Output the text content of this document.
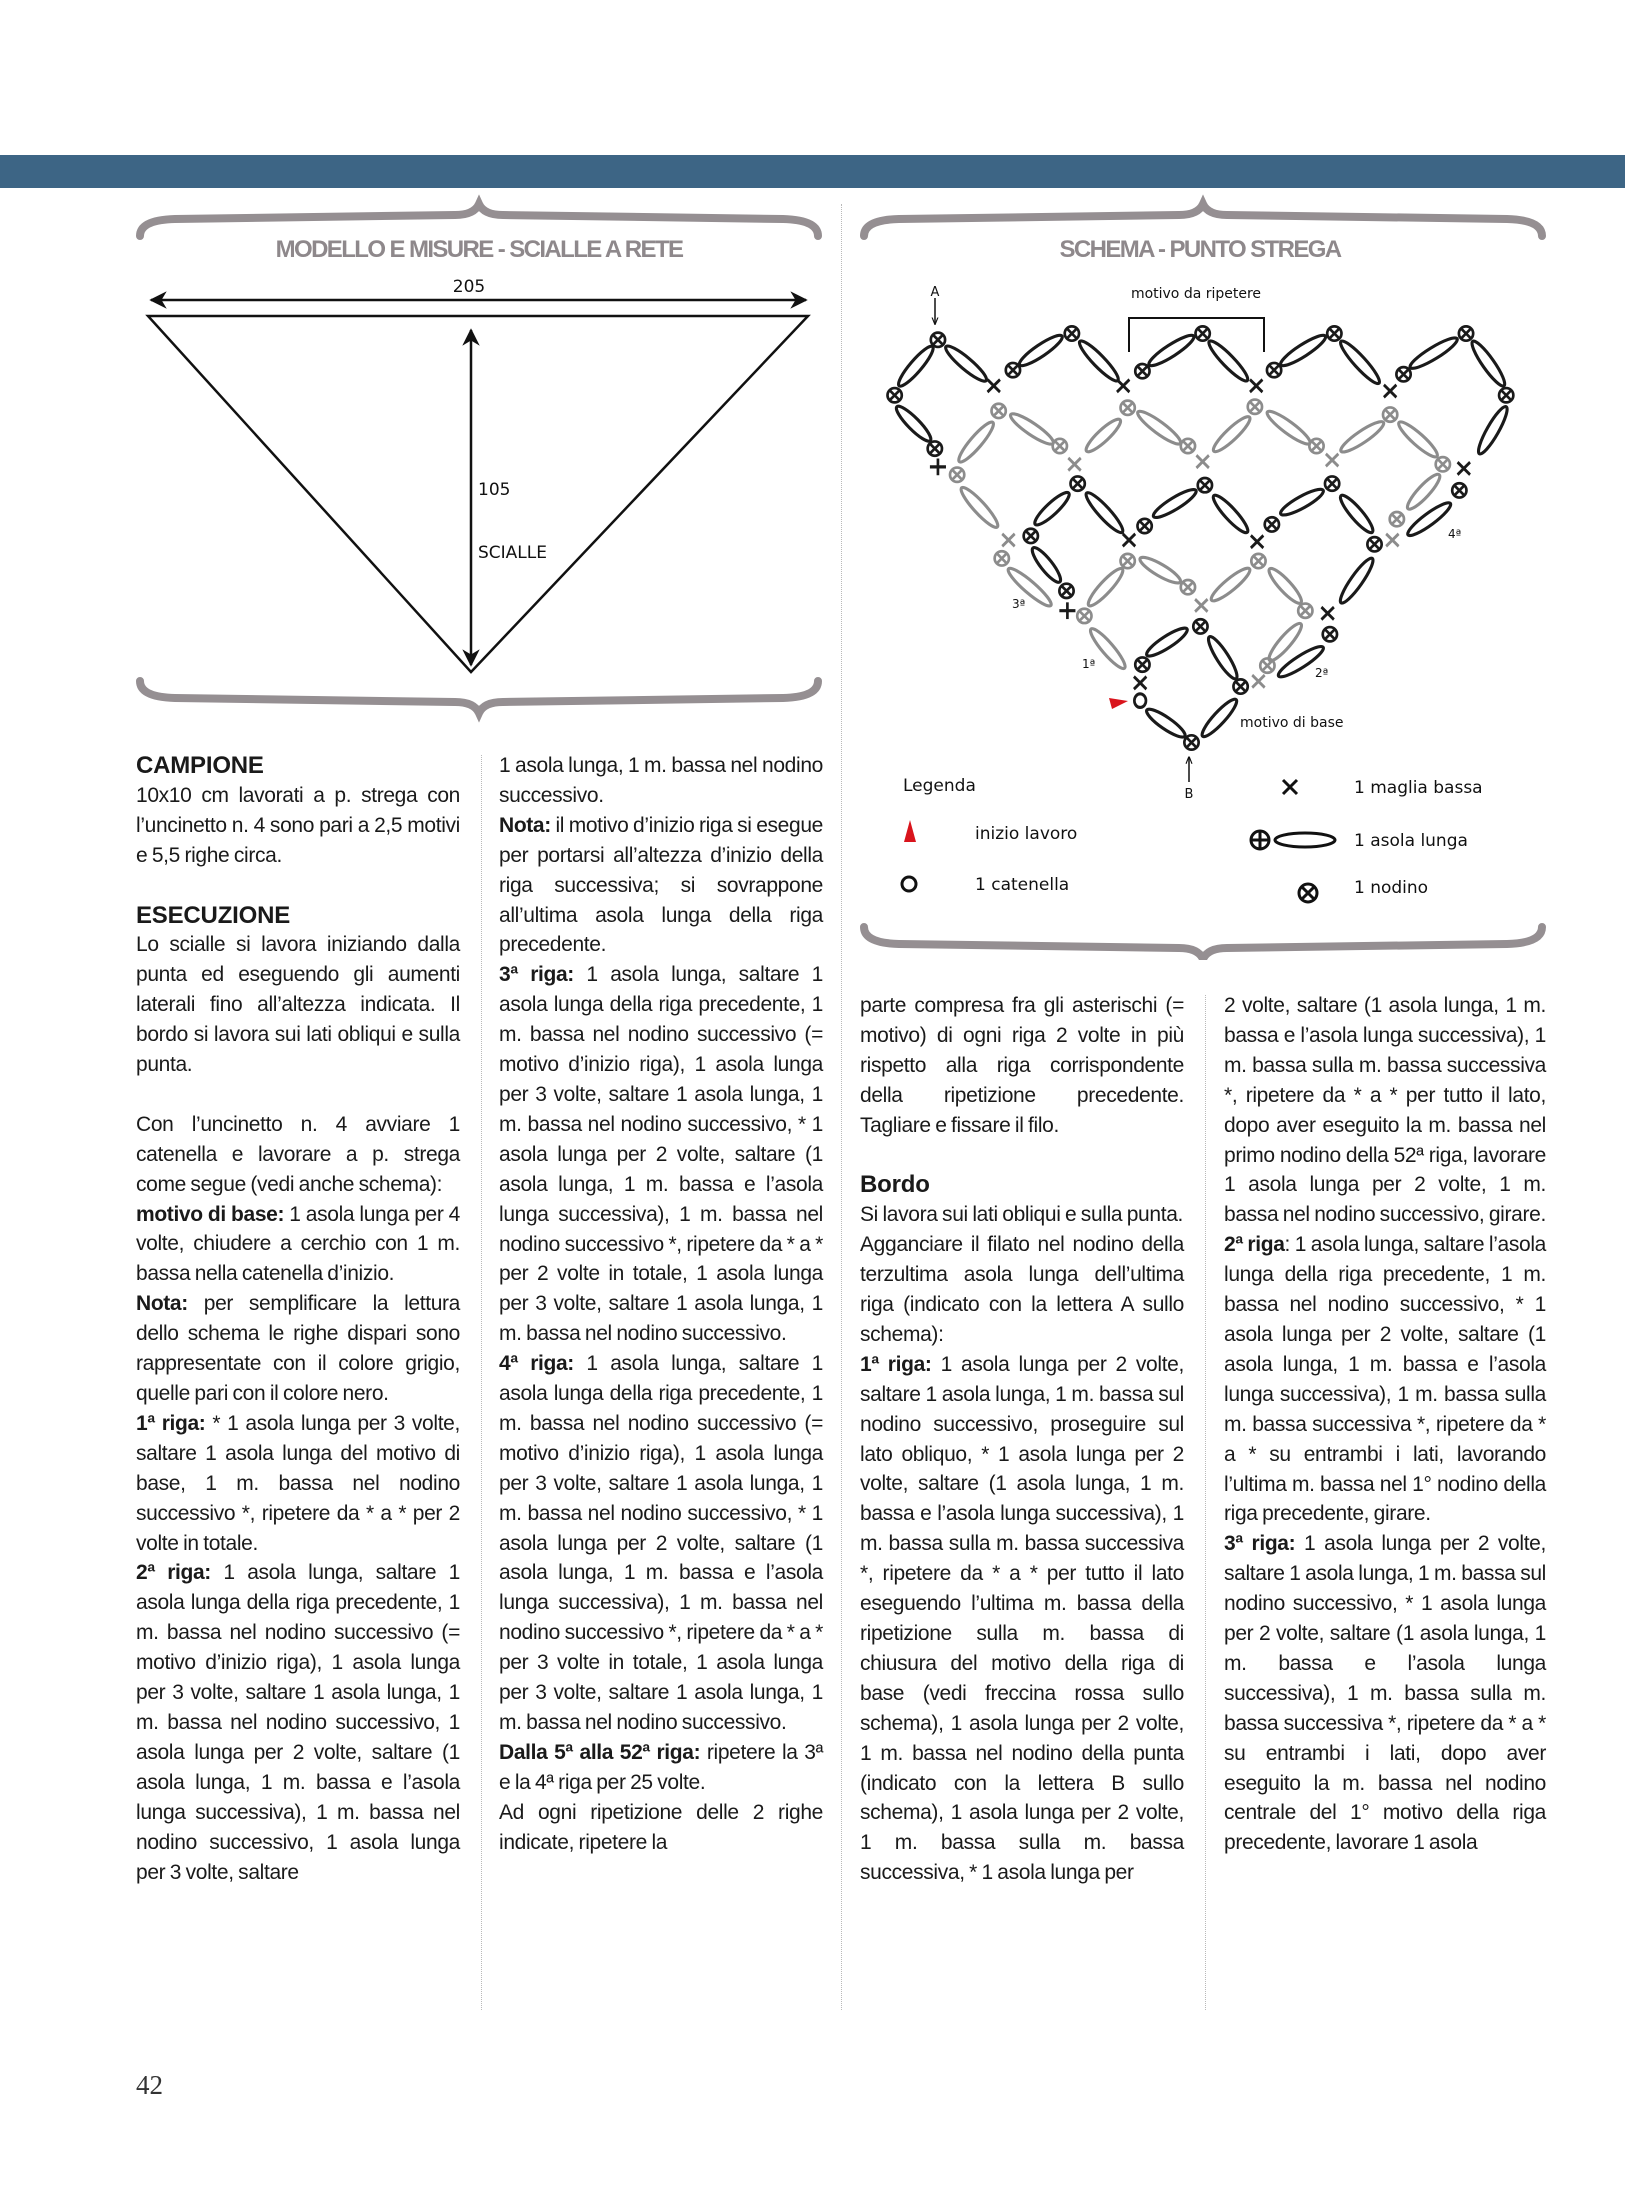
MODELLO E MISURE - SCIALLE A RETE
205
105
SCIALLE
SCHEMA - PUNTO STREGA
A	motivo da ripetere
4ª
3ª
1ª
2ª
motivo di base
B
Legenda
inizio lavoro
1 catenella
1 maglia bassa
1 asola lunga
1 nodino
CAMPIONE

10x10 cm lavorati a p. strega con l’uncinetto n. 4 sono pari a 2,5 motivi e 5,5 righe circa.

ESECUZIONE

Lo scialle si lavora iniziando dalla punta ed eseguendo gli aumenti laterali fino all’altezza indicata. Il bordo si lavora sui lati obliqui e sulla punta.

Con l’uncinetto n. 4 avviare 1 catenella e lavorare a p. strega come segue (vedi anche schema):

motivo di base: 1 asola lunga per 4 volte, chiudere a cerchio con 1 m. bassa nella catenella d’inizio.

Nota: per semplificare la lettura dello schema le righe dispari sono rappresentate con il colore grigio, quelle pari con il colore nero.

1ª riga: * 1 asola lunga per 3 volte, saltare 1 asola lunga del motivo di base, 1 m. bassa nel nodino successivo *, ripetere da * a * per 2 volte in totale.

2ª riga: 1 asola lunga, saltare 1 asola lunga della riga precedente, 1 m. bassa nel nodino successivo (= motivo d’inizio riga), 1 asola lunga per 3 volte, saltare 1 asola lunga, 1 m. bassa nel nodino successivo, 1 asola lunga per 2 volte, saltare (1 asola lunga, 1 m. bassa e l’asola lunga successiva), 1 m. bassa nel nodino successivo, 1 asola lunga per 3 volte, saltare

1 asola lunga, 1 m. bassa nel nodino successivo.

Nota: il motivo d’inizio riga si esegue per portarsi all’altezza d’inizio della riga successiva; si sovrappone all’ultima asola lunga della riga precedente.

3ª riga: 1 asola lunga, saltare 1 asola lunga della riga precedente, 1 m. bassa nel nodino successivo (= motivo d’inizio riga), 1 asola lunga per 3 volte, saltare 1 asola lunga, 1 m. bassa nel nodino successivo, * 1 asola lunga per 2 volte, saltare (1 asola lunga, 1 m. bassa e l’asola lunga successiva), 1 m. bassa nel nodino successivo *, ripetere da * a * per 2 volte in totale, 1 asola lunga per 3 volte, saltare 1 asola lunga, 1 m. bassa nel nodino successivo.

4ª riga: 1 asola lunga, saltare 1 asola lunga della riga precedente, 1 m. bassa nel nodino successivo (= motivo d’inizio riga), 1 asola lunga per 3 volte, saltare 1 asola lunga, 1 m. bassa nel nodino successivo, * 1 asola lunga per 2 volte, saltare (1 asola lunga, 1 m. bassa e l’asola lunga successiva), 1 m. bassa nel nodino successivo *, ripetere da * a * per 3 volte in totale, 1 asola lunga per 3 volte, saltare 1 asola lunga, 1 m. bassa nel nodino successivo.

Dalla 5ª alla 52ª riga: ripetere la 3ª e la 4ª riga per 25 volte.

Ad ogni ripetizione delle 2 righe indicate, ripetere la

parte compresa fra gli asterischi (= motivo) di ogni riga 2 volte in più rispetto alla riga corrispondente della ripetizione precedente. Tagliare e fissare il filo.

Bordo

Si lavora sui lati obliqui e sulla punta.

Agganciare il filato nel nodino della terzultima asola lunga dell’ultima riga (indicato con la lettera A sullo schema):

1ª riga: 1 asola lunga per 2 volte, saltare 1 asola lunga, 1 m. bassa sul nodino successivo, proseguire sul lato obliquo, * 1 asola lunga per 2 volte, saltare (1 asola lunga, 1 m. bassa e l’asola lunga successiva), 1 m. bassa sulla m. bassa successiva *, ripetere da * a * per tutto il lato eseguendo l’ultima m. bassa della ripetizione sulla m. bassa di chiusura del motivo della riga di base (vedi freccina rossa sullo schema), 1 asola lunga per 2 volte, 1 m. bassa nel nodino della punta (indicato con la lettera B sullo schema), 1 asola lunga per 2 volte, 1 m. bassa sulla m. bassa successiva, * 1 asola lunga per

2 volte, saltare (1 asola lunga, 1 m. bassa e l’asola lunga successiva), 1 m. bassa sulla m. bassa successiva *, ripetere da * a * per tutto il lato, dopo aver eseguito la m. bassa nel primo nodino della 52ª riga, lavorare 1 asola lunga per 2 volte, 1 m. bassa nel nodino successivo, girare.

2ª riga: 1 asola lunga, saltare l’asola lunga della riga precedente, 1 m. bassa nel nodino successivo, * 1 asola lunga per 2 volte, saltare (1 asola lunga, 1 m. bassa e l’asola lunga successiva), 1 m. bassa sulla m. bassa successiva *, ripetere da * a * su entrambi i lati, lavorando l’ultima m. bassa nel 1° nodino della riga precedente, girare.

3ª riga: 1 asola lunga per 2 volte, saltare 1 asola lunga, 1 m. bassa sul nodino successivo, * 1 asola lunga per 2 volte, saltare (1 asola lunga, 1 m. bassa e l’asola lunga successiva), 1 m. bassa sulla m. bassa successiva *, ripetere da * a * su entrambi i lati, dopo aver eseguito la m. bassa nel nodino centrale del 1° motivo della riga precedente, lavorare 1 asola

42
